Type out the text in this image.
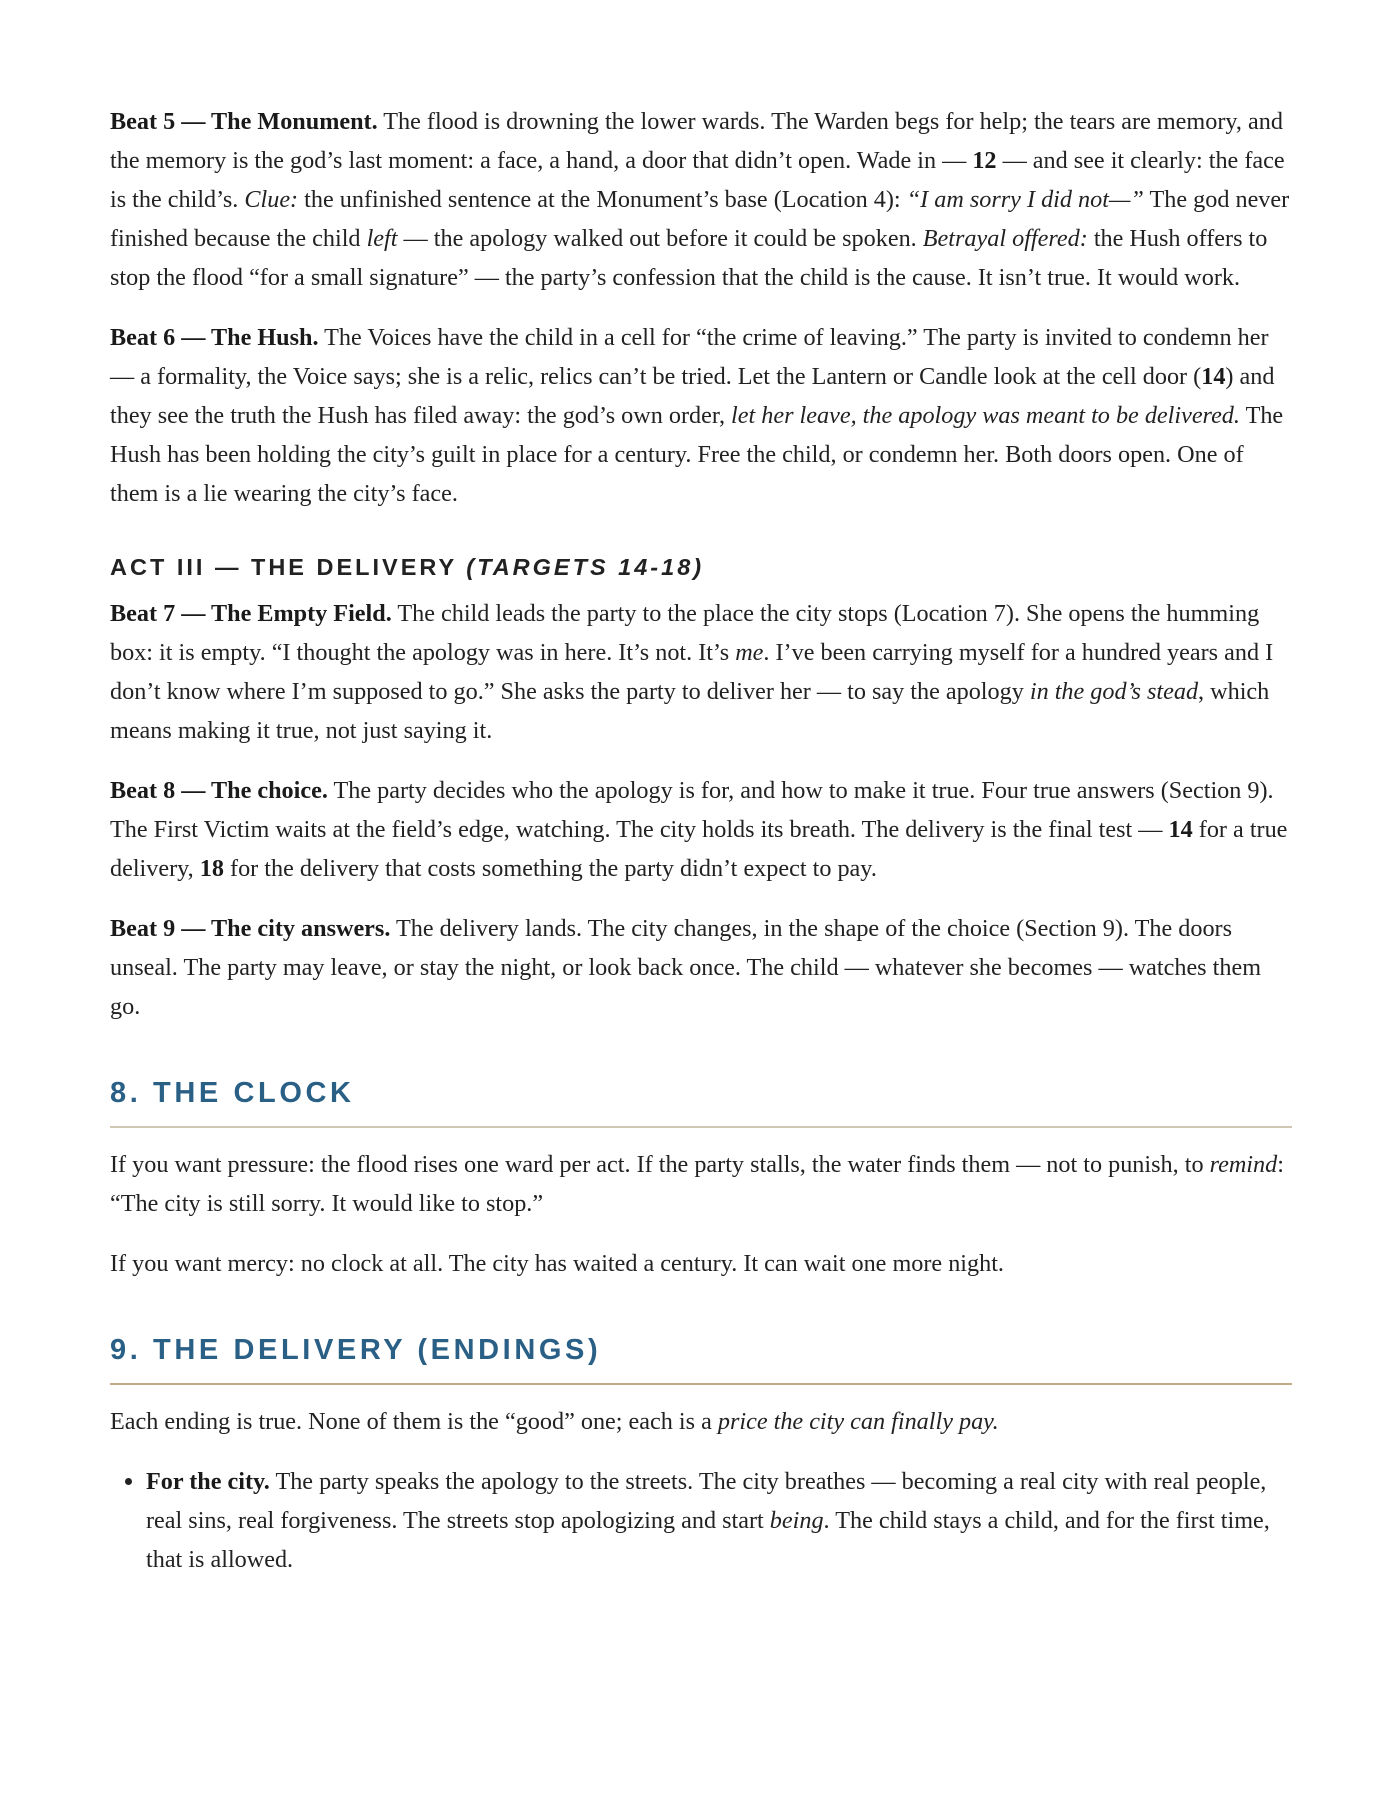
Beat 5 — The Monument. The flood is drowning the lower wards. The Warden begs for help; the tears are memory, and the memory is the god’s last moment: a face, a hand, a door that didn’t open. Wade in — 12 — and see it clearly: the face is the child’s. Clue: the unfinished sentence at the Monument’s base (Location 4): “I am sorry I did not—” The god never finished because the child left — the apology walked out before it could be spoken. Betrayal offered: the Hush offers to stop the flood “for a small signature” — the party’s confession that the child is the cause. It isn’t true. It would work.

Beat 6 — The Hush. The Voices have the child in a cell for “the crime of leaving.” The party is invited to condemn her — a formality, the Voice says; she is a relic, relics can’t be tried. Let the Lantern or Candle look at the cell door (14) and they see the truth the Hush has filed away: the god’s own order, let her leave, the apology was meant to be delivered. The Hush has been holding the city’s guilt in place for a century. Free the child, or condemn her. Both doors open. One of them is a lie wearing the city’s face.

ACT III — THE DELIVERY (TARGETS 14-18)

Beat 7 — The Empty Field. The child leads the party to the place the city stops (Location 7). She opens the humming box: it is empty. “I thought the apology was in here. It’s not. It’s me. I’ve been carrying myself for a hundred years and I don’t know where I’m supposed to go.” She asks the party to deliver her — to say the apology in the god’s stead, which means making it true, not just saying it.

Beat 8 — The choice. The party decides who the apology is for, and how to make it true. Four true answers (Section 9). The First Victim waits at the field’s edge, watching. The city holds its breath. The delivery is the final test — 14 for a true delivery, 18 for the delivery that costs something the party didn’t expect to pay.

Beat 9 — The city answers. The delivery lands. The city changes, in the shape of the choice (Section 9). The doors unseal. The party may leave, or stay the night, or look back once. The child — whatever she becomes — watches them go.

8. THE CLOCK

If you want pressure: the flood rises one ward per act. If the party stalls, the water finds them — not to punish, to remind: “The city is still sorry. It would like to stop.”

If you want mercy: no clock at all. The city has waited a century. It can wait one more night.

9. THE DELIVERY (ENDINGS)

Each ending is true. None of them is the “good” one; each is a price the city can finally pay.

• For the city. The party speaks the apology to the streets. The city breathes — becoming a real city with real people, real sins, real forgiveness. The streets stop apologizing and start being. The child stays a child, and for the first time, that is allowed.
